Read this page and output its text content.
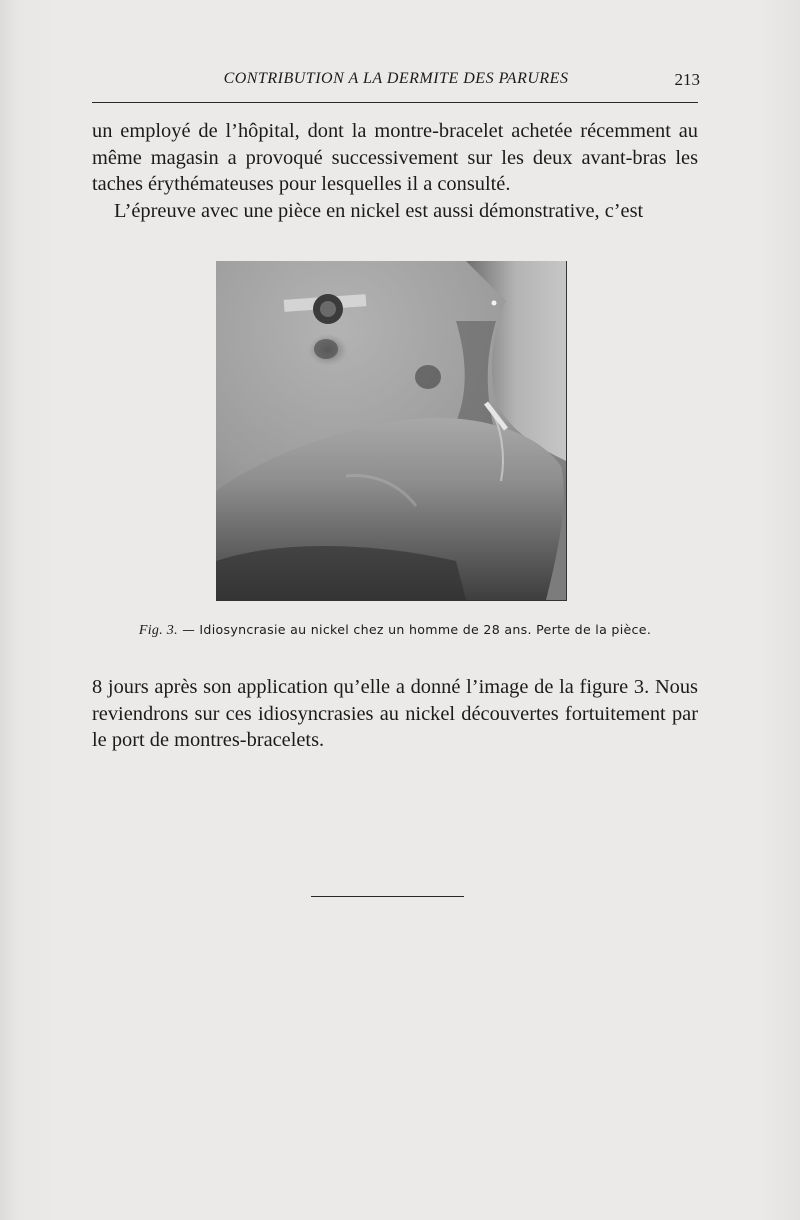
CONTRIBUTION A LA DERMITE DES PARURES	213

un employé de l’hôpital, dont la montre-bracelet achetée récemment au même magasin a provoqué successivement sur les deux avant-bras les taches érythémateuses pour lesquelles il a consulté.

L’épreuve avec une pièce en nickel est aussi démonstrative, c’est

Fig. 3. — Idiosyncrasie au nickel chez un homme de 28 ans. Perte de la pièce.

8 jours après son application qu’elle a donné l’image de la figure 3. Nous reviendrons sur ces idiosyncrasies au nickel découvertes fortuitement par le port de montres-bracelets.
